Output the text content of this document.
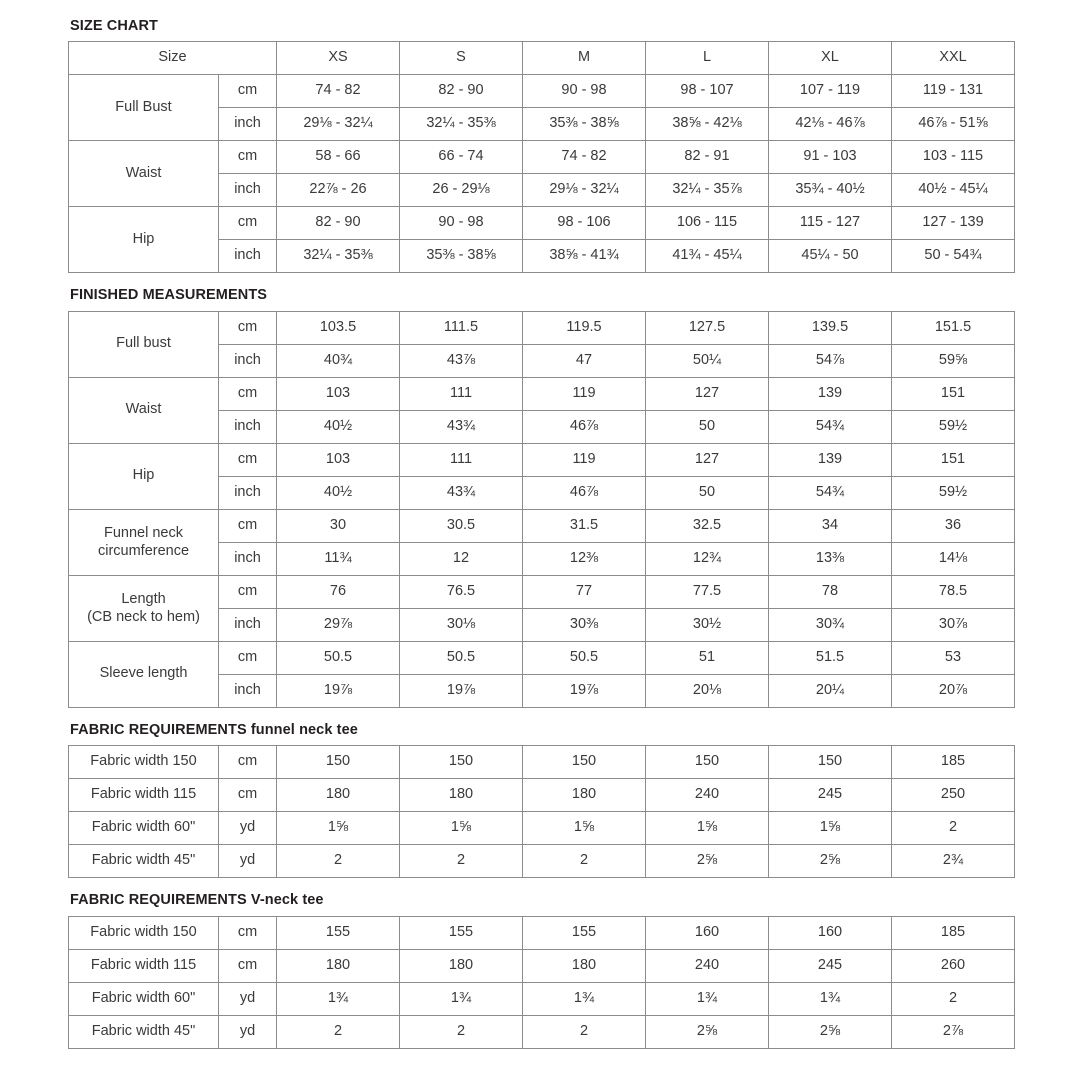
SIZE CHART
Size		XS	S	M	L	XL	XXL
Full Bust	cm	74 - 82	82 - 90	90 - 98	98 - 107	107 - 119	119 - 131
	inch	29⅛ - 32¼	32¼ - 35⅜	35⅜ - 38⅝	38⅝ - 42⅛	42⅛ - 46⅞	46⅞ - 51⅝
Waist	cm	58 - 66	66 - 74	74 - 82	82 - 91	91 - 103	103 - 115
	inch	22⅞ - 26	26 - 29⅛	29⅛ - 32¼	32¼ - 35⅞	35¾ - 40½	40½ - 45¼
Hip	cm	82 - 90	90 - 98	98 - 106	106 - 115	115 - 127	127 - 139
	inch	32¼ - 35⅜	35⅜ - 38⅝	38⅝ - 41¾	41¾ - 45¼	45¼ - 50	50 - 54¾
FINISHED MEASUREMENTS
Full bust	cm	103.5	111.5	119.5	127.5	139.5	151.5
	inch	40¾	43⅞	47	50¼	54⅞	59⅝
Waist	cm	103	111	119	127	139	151
	inch	40½	43¾	46⅞	50	54¾	59½
Hip	cm	103	111	119	127	139	151
	inch	40½	43¾	46⅞	50	54¾	59½
Funnel neck
circumference	cm	30	30.5	31.5	32.5	34	36
	inch	11¾	12	12⅜	12¾	13⅜	14⅛
Length
(CB neck to hem)	cm	76	76.5	77	77.5	78	78.5
	inch	29⅞	30⅛	30⅜	30½	30¾	30⅞
Sleeve length	cm	50.5	50.5	50.5	51	51.5	53
	inch	19⅞	19⅞	19⅞	20⅛	20¼	20⅞
FABRIC REQUIREMENTS funnel neck tee
Fabric width 150	cm	150	150	150	150	150	185
Fabric width 115	cm	180	180	180	240	245	250
Fabric width 60"	yd	1⅝	1⅝	1⅝	1⅝	1⅝	2
Fabric width 45"	yd	2	2	2	2⅝	2⅝	2¾
FABRIC REQUIREMENTS V-neck tee
Fabric width 150	cm	155	155	155	160	160	185
Fabric width 115	cm	180	180	180	240	245	260
Fabric width 60"	yd	1¾	1¾	1¾	1¾	1¾	2
Fabric width 45"	yd	2	2	2	2⅝	2⅝	2⅞
